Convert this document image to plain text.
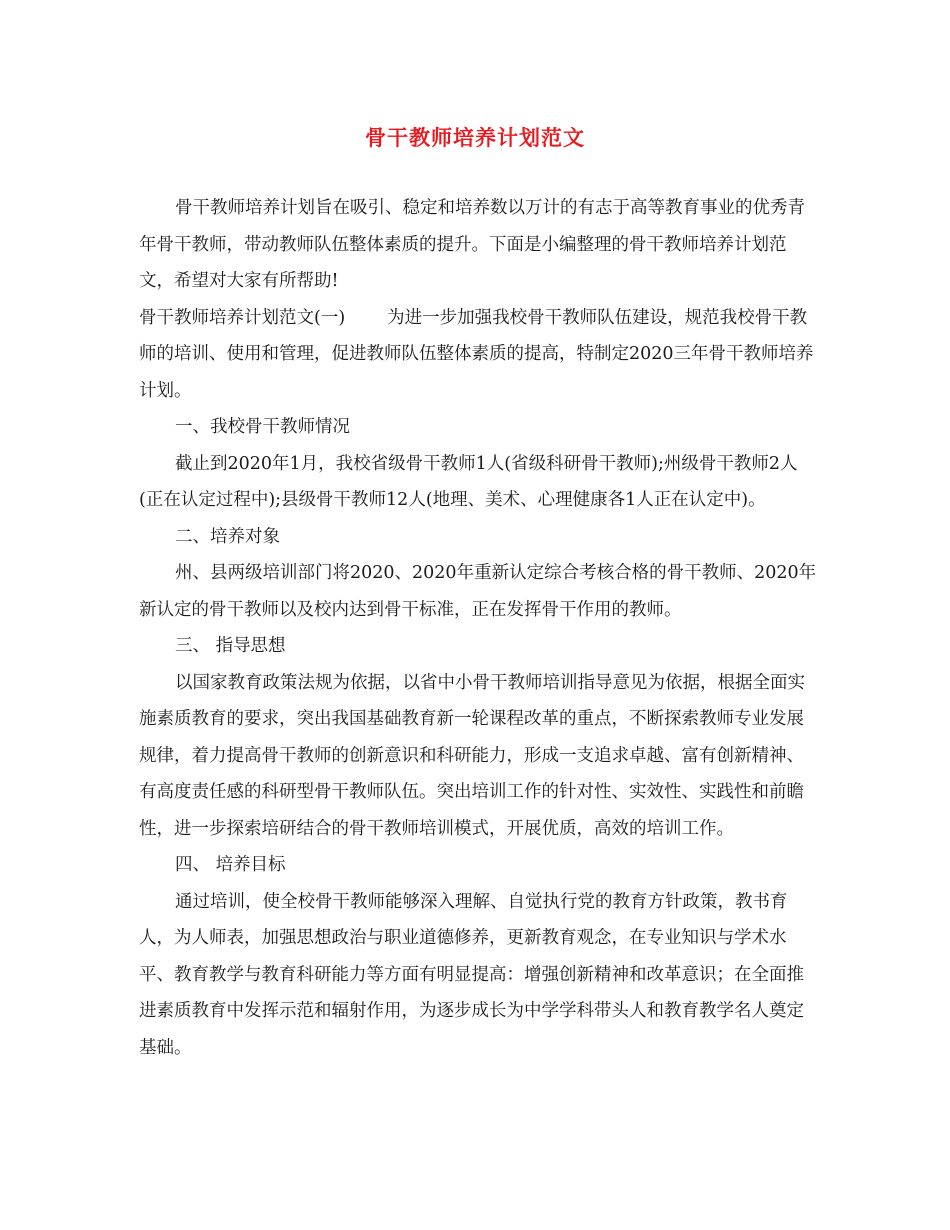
骨干教师培养计划范文

骨干教师培养计划旨在吸引、稳定和培养数以万计的有志于高等教育事业的优秀青年骨干教师，带动教师队伍整体素质的提升。下面是小编整理的骨干教师培养计划范文，希望对大家有所帮助!

骨干教师培养计划范文(一) 为进一步加强我校骨干教师队伍建设，规范我校骨干教师的培训、使用和管理，促进教师队伍整体素质的提高，特制定2020三年骨干教师培养计划。

一、我校骨干教师情况

截止到2020年1月，我校省级骨干教师1人(省级科研骨干教师);州级骨干教师2人(正在认定过程中);县级骨干教师12人(地理、美术、心理健康各1人正在认定中)。

二、培养对象

州、县两级培训部门将2020、2020年重新认定综合考核合格的骨干教师、2020年新认定的骨干教师以及校内达到骨干标准，正在发挥骨干作用的教师。

三、 指导思想

以国家教育政策法规为依据，以省中小骨干教师培训指导意见为依据，根据全面实施素质教育的要求，突出我国基础教育新一轮课程改革的重点，不断探索教师专业发展规律，着力提高骨干教师的创新意识和科研能力，形成一支追求卓越、富有创新精神、有高度责任感的科研型骨干教师队伍。突出培训工作的针对性、实效性、实践性和前瞻性，进一步探索培研结合的骨干教师培训模式，开展优质，高效的培训工作。

四、 培养目标

通过培训，使全校骨干教师能够深入理解、自觉执行党的教育方针政策，教书育人，为人师表，加强思想政治与职业道德修养，更新教育观念，在专业知识与学术水平、教育教学与教育科研能力等方面有明显提高：增强创新精神和改革意识；在全面推进素质教育中发挥示范和辐射作用，为逐步成长为中学学科带头人和教育教学名人奠定基础。
